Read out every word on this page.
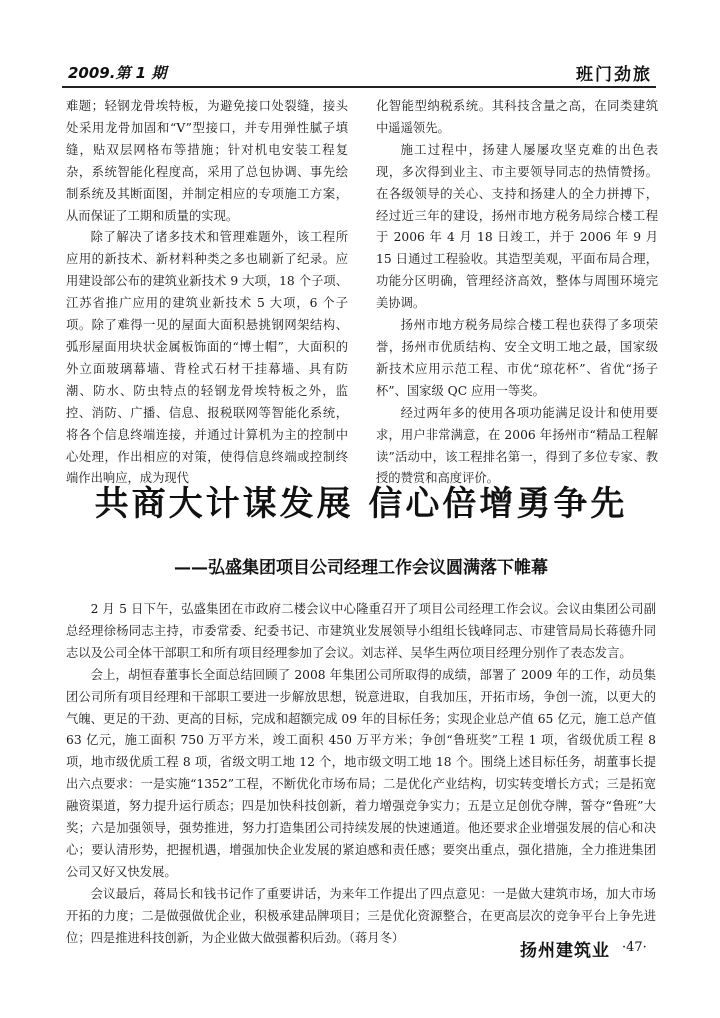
2009.第 1 期	班门劲旅

难题；轻钢龙骨埃特板，为避免接口处裂缝，接头处采用龙骨加固和“V”型接口，并专用弹性腻子填缝，贴双层网格布等措施；针对机电安装工程复杂，系统智能化程度高，采用了总包协调、事先绘制系统及其断面图，并制定相应的专项施工方案，从而保证了工期和质量的实现。

除了解决了诸多技术和管理难题外，该工程所应用的新技术、新材料种类之多也刷新了纪录。应用建设部公布的建筑业新技术 9 大项，18 个子项、江苏省推广应用的建筑业新技术 5 大项，6 个子项。除了难得一见的屋面大面积悬挑钢网架结构、弧形屋面用块状金属板饰面的“博士帽”，大面积的外立面玻璃幕墙、背栓式石材干挂幕墙、具有防潮、防水、防虫特点的轻钢龙骨埃特板之外，监控、消防、广播、信息、报税联网等智能化系统，将各个信息终端连接，并通过计算机为主的控制中心处理，作出相应的对策，使得信息终端或控制终端作出响应，成为现代

化智能型纳税系统。其科技含量之高，在同类建筑中遥遥领先。

施工过程中，扬建人屡屡攻坚克难的出色表现，多次得到业主、市主要领导同志的热情赞扬。在各级领导的关心、支持和扬建人的全力拼搏下，经过近三年的建设，扬州市地方税务局综合楼工程于 2006 年 4 月 18 日竣工，并于 2006 年 9 月 15 日通过工程验收。其造型美观，平面布局合理，功能分区明确，管理经济高效，整体与周围环境完美协调。

扬州市地方税务局综合楼工程也获得了多项荣誉，扬州市优质结构、安全文明工地之最，国家级新技术应用示范工程、市优“琼花杯”、省优“扬子杯”、国家级 QC 应用一等奖。

经过两年多的使用各项功能满足设计和使用要求，用户非常满意，在 2006 年扬州市“精品工程解读”活动中，该工程排名第一，得到了多位专家、教授的赞赏和高度评价。

共商大计谋发展 信心倍增勇争先
——弘盛集团项目公司经理工作会议圆满落下帷幕

2 月 5 日下午，弘盛集团在市政府二楼会议中心隆重召开了项目公司经理工作会议。会议由集团公司副总经理徐杨同志主持，市委常委、纪委书记、市建筑业发展领导小组组长钱峰同志、市建管局局长蒋德升同志以及公司全体干部职工和所有项目经理参加了会议。刘志祥、吴华生两位项目经理分别作了表态发言。

会上，胡恒春董事长全面总结回顾了 2008 年集团公司所取得的成绩，部署了 2009 年的工作，动员集团公司所有项目经理和干部职工要进一步解放思想，锐意进取，自我加压，开拓市场，争创一流，以更大的气魄、更足的干劲、更高的目标，完成和超额完成 09 年的目标任务；实现企业总产值 65 亿元，施工总产值 63 亿元，施工面积 750 万平方米，竣工面积 450 万平方米；争创“鲁班奖”工程 1 项，省级优质工程 8 项，地市级优质工程 8 项，省级文明工地 12 个，地市级文明工地 18 个。围绕上述目标任务，胡董事长提出六点要求：一是实施“1352”工程，不断优化市场布局；二是优化产业结构，切实转变增长方式；三是拓宽融资渠道，努力提升运行质态；四是加快科技创新，着力增强竞争实力；五是立足创优夺牌，誓夺“鲁班”大奖；六是加强领导，强势推进，努力打造集团公司持续发展的快速通道。他还要求企业增强发展的信心和决心；要认清形势，把握机遇，增强加快企业发展的紧迫感和责任感；要突出重点，强化措施，全力推进集团公司又好又快发展。

会议最后，蒋局长和钱书记作了重要讲话，为来年工作提出了四点意见：一是做大建筑市场，加大市场开拓的力度；二是做强做优企业，积极承建品牌项目；三是优化资源整合，在更高层次的竞争平台上争先进位；四是推进科技创新，为企业做大做强蓄积后劲。（蒋月冬）

扬州建筑业 ·47·
